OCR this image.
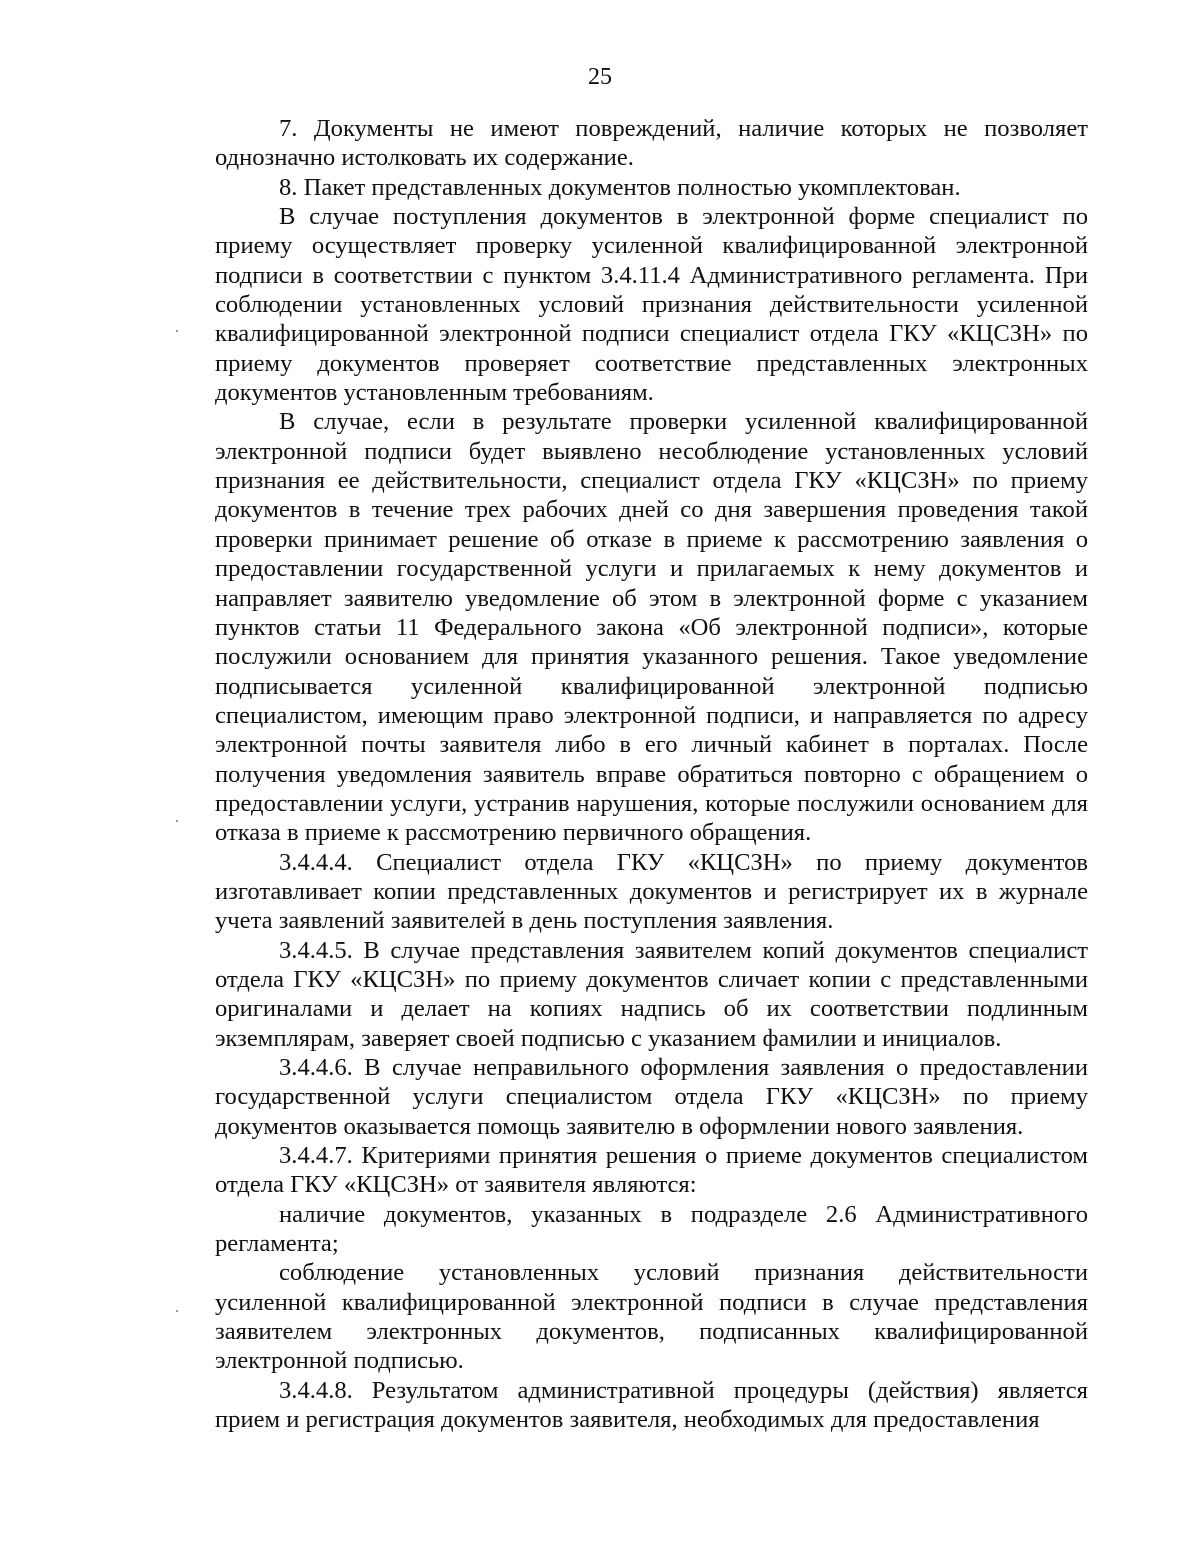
25

7. Документы не имеют повреждений, наличие которых не позволяет однозначно истолковать их содержание.

8. Пакет представленных документов полностью укомплектован.

В случае поступления документов в электронной форме специалист по приему осуществляет проверку усиленной квалифицированной электронной подписи в соответствии с пунктом 3.4.11.4 Административного регламента. При соблюдении установленных условий признания действительности усиленной квалифицированной электронной подписи специалист отдела ГКУ «КЦСЗН» по приему документов проверяет соответствие представленных электронных документов установленным требованиям.

В случае, если в результате проверки усиленной квалифицированной электронной подписи будет выявлено несоблюдение установленных условий признания ее действительности, специалист отдела ГКУ «КЦСЗН» по приему документов в течение трех рабочих дней со дня завершения проведения такой проверки принимает решение об отказе в приеме к рассмотрению заявления о предоставлении государственной услуги и прилагаемых к нему документов и направляет заявителю уведомление об этом в электронной форме с указанием пунктов статьи 11 Федерального закона «Об электронной подписи», которые послужили основанием для принятия указанного решения. Такое уведомление подписывается усиленной квалифицированной электронной подписью специалистом, имеющим право электронной подписи, и направляется по адресу электронной почты заявителя либо в его личный кабинет в порталах. После получения уведомления заявитель вправе обратиться повторно с обращением о предоставлении услуги, устранив нарушения, которые послужили основанием для отказа в приеме к рассмотрению первичного обращения.

3.4.4.4. Специалист отдела ГКУ «КЦСЗН» по приему документов изготавливает копии представленных документов и регистрирует их в журнале учета заявлений заявителей в день поступления заявления.

3.4.4.5. В случае представления заявителем копий документов специалист отдела ГКУ «КЦСЗН» по приему документов сличает копии с представленными оригиналами и делает на копиях надпись об их соответствии подлинным экземплярам, заверяет своей подписью с указанием фамилии и инициалов.

3.4.4.6. В случае неправильного оформления заявления о предоставлении государственной услуги специалистом отдела ГКУ «КЦСЗН» по приему документов оказывается помощь заявителю в оформлении нового заявления.

3.4.4.7. Критериями принятия решения о приеме документов специалистом отдела ГКУ «КЦСЗН» от заявителя являются:

наличие документов, указанных в подразделе 2.6 Административного регламента;

соблюдение установленных условий признания действительности усиленной квалифицированной электронной подписи в случае представления заявителем электронных документов, подписанных квалифицированной электронной подписью.

3.4.4.8. Результатом административной процедуры (действия) является прием и регистрация документов заявителя, необходимых для предоставления
